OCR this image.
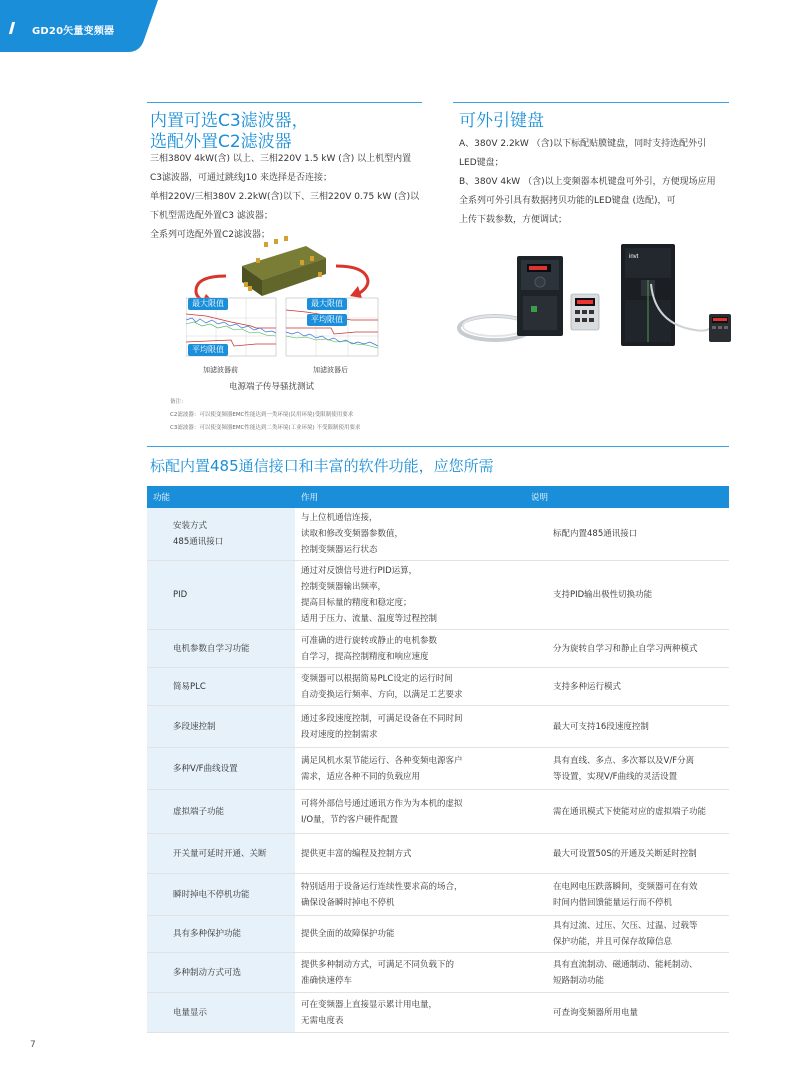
GD20矢量变频器
内置可选C3滤波器，
选配外置C2滤波器
三相380V 4kW(含) 以上、三相220V 1.5 kW (含) 以上机型内置
C3滤波器，可通过跳线J10 来选择是否连接；
单相220V/三相380V 2.2kW(含)以下、三相220V 0.75 kW (含)以
下机型需选配外置C3 滤波器；
全系列可选配外置C2滤波器；
最大限值
平均限值
最大限值
平均限值
加滤波器前	加滤波器后
电源端子传导骚扰测试
备注：
C2滤波器：可以使变频器EMC性能达到一类环境(民用环境)受限制使用要求
C3滤波器：可以使变频器EMC性能达到二类环境(工业环境) 不受限制使用要求
可外引键盘
A、380V 2.2kW （含)以下标配贴膜键盘，同时支持选配外引
LED键盘；
B、380V 4kW （含)以上变频器本机键盘可外引，方便现场应用
全系列可外引具有数据拷贝功能的LED键盘 (选配)，可
上传下载参数，方便调试；
invt
标配内置485通信接口和丰富的软件功能，应您所需
功能	作用	说明
安装方式
485通讯接口	与上位机通信连接，
读取和修改变频器参数值，
控制变频器运行状态	标配内置485通讯接口
PID	通过对反馈信号进行PID运算，
控制变频器输出频率，
提高目标量的精度和稳定度；
适用于压力、流量、温度等过程控制	支持PID输出极性切换功能
电机参数自学习功能	可准确的进行旋转或静止的电机参数
自学习，提高控制精度和响应速度	分为旋转自学习和静止自学习两种模式
简易PLC	变频器可以根据简易PLC设定的运行时间
自动变换运行频率、方向，以满足工艺要求	支持多种运行模式
多段速控制	通过多段速度控制，可满足设备在不同时间
段对速度的控制需求	最大可支持16段速度控制
多种V/F曲线设置	满足风机水泵节能运行、各种变频电源客户
需求，适应各种不同的负载应用	具有直线、多点、多次幂以及V/F分离
等设置，实现V/F曲线的灵活设置
虚拟端子功能	可将外部信号通过通讯方作为为本机的虚拟
I/O量，节约客户硬件配置	需在通讯模式下使能对应的虚拟端子功能
开关量可延时开通、关断	提供更丰富的编程及控制方式	最大可设置50S的开通及关断延时控制
瞬时掉电不停机功能	特别适用于设备运行连续性要求高的场合，
确保设备瞬时掉电不停机	在电网电压跌落瞬间，变频器可在有效
时间内借回馈能量运行而不停机
具有多种保护功能	提供全面的故障保护功能	具有过流、过压、欠压、过温、过载等
保护功能，并且可保存故障信息
多种制动方式可选	提供多种制动方式，可满足不同负载下的
准确快速停车	具有直流制动、磁通制动、能耗制动、
短路制动功能
电量显示	可在变频器上直接显示累计用电量，
无需电度表	可查询变频器所用电量
7
